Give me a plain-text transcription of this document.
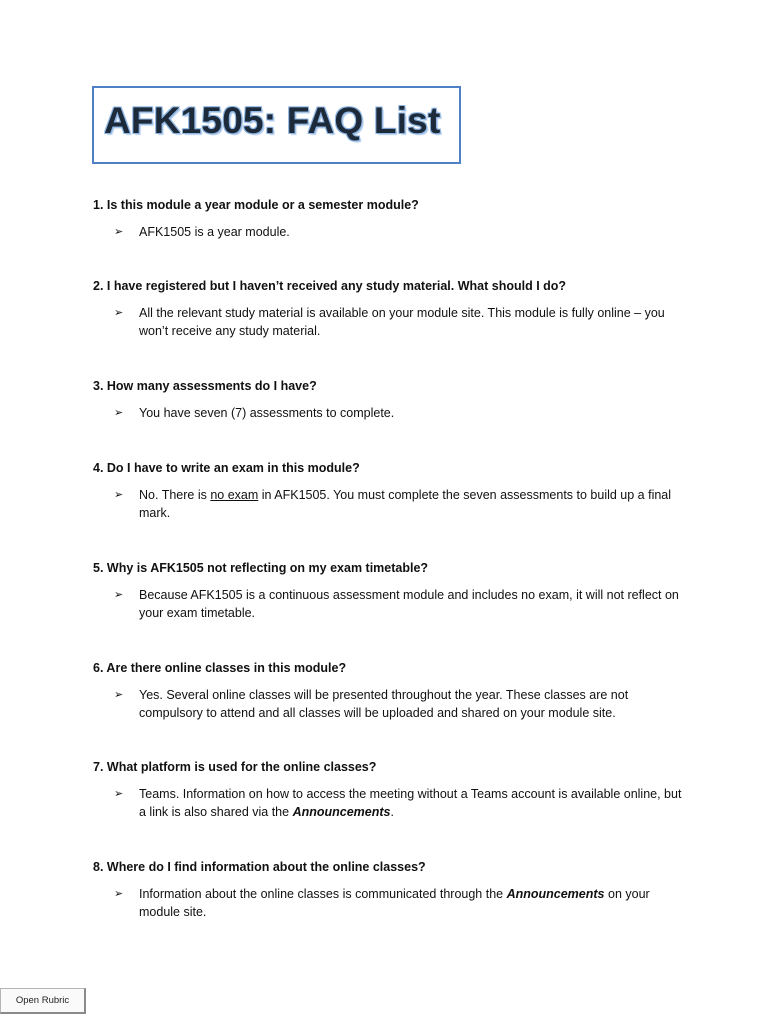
AFK1505: FAQ List

1. Is this module a year module or a semester module?

➢ AFK1505 is a year module.

2. I have registered but I haven’t received any study material. What should I do?

➢ All the relevant study material is available on your module site. This module is fully online – you won’t receive any study material.

3. How many assessments do I have?

➢ You have seven (7) assessments to complete.

4. Do I have to write an exam in this module?

➢ No. There is no exam in AFK1505. You must complete the seven assessments to build up a final mark.

5. Why is AFK1505 not reflecting on my exam timetable?

➢ Because AFK1505 is a continuous assessment module and includes no exam, it will not reflect on your exam timetable.

6. Are there online classes in this module?

➢ Yes. Several online classes will be presented throughout the year. These classes are not compulsory to attend and all classes will be uploaded and shared on your module site.

7. What platform is used for the online classes?

➢ Teams. Information on how to access the meeting without a Teams account is available online, but a link is also shared via the Announcements.

8. Where do I find information about the online classes?

➢ Information about the online classes is communicated through the Announcements on your module site.
Open Rubric
